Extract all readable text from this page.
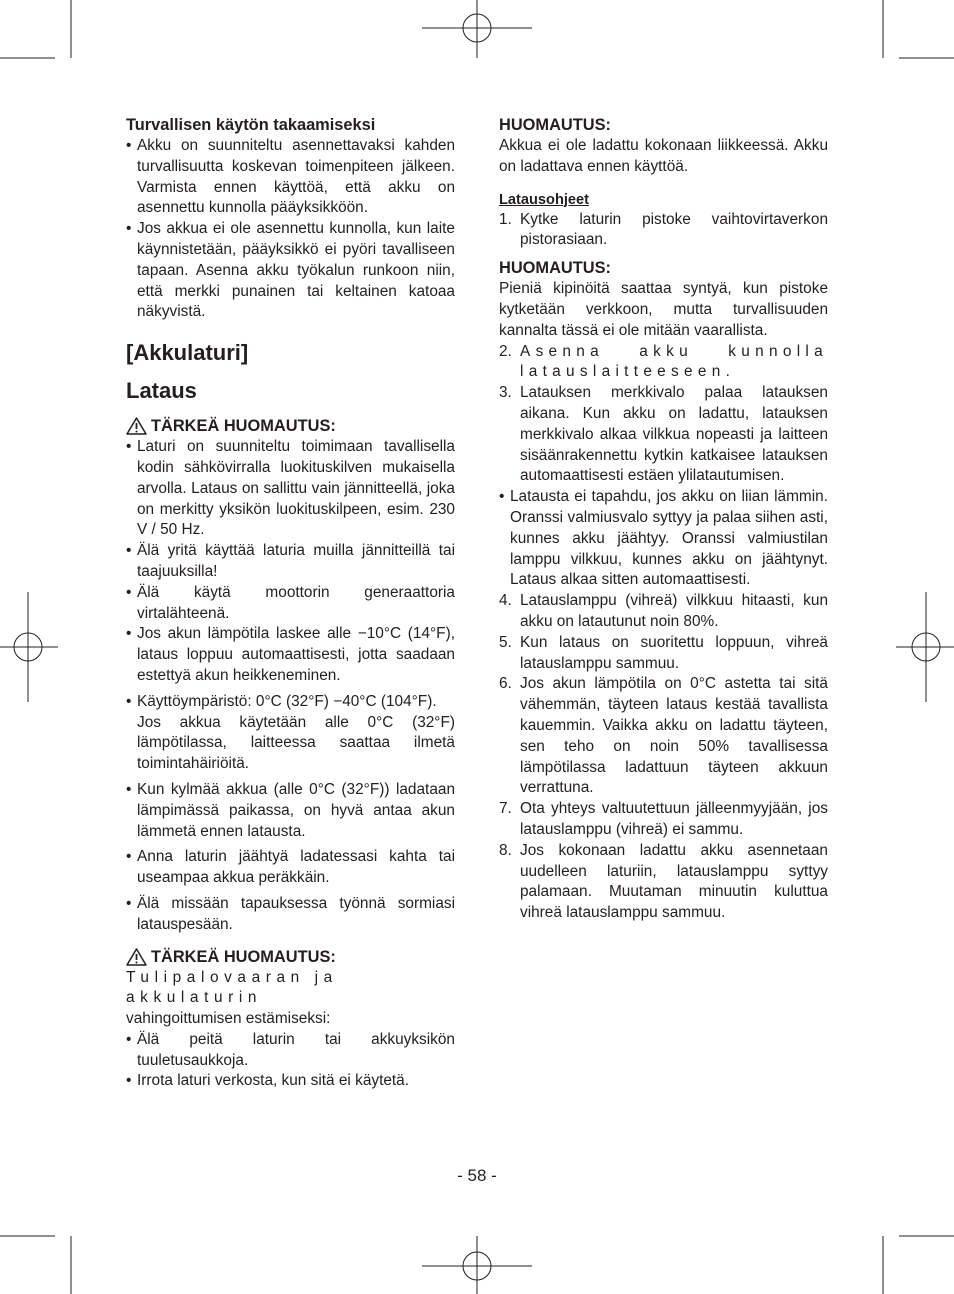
Turvallisen käytön takaamiseksi
• Akku on suunniteltu asennettavaksi kahden turvallisuutta koskevan toimenpiteen jälkeen. Varmista ennen käyttöä, että akku on asennettu kunnolla pääyksikköön.
• Jos akkua ei ole asennettu kunnolla, kun laite käynnistetään, pääyksikkö ei pyöri tavalliseen tapaan. Asenna akku työkalun runkoon niin, että merkki punainen tai keltainen katoaa näkyvistä.
[Akkulaturi]
Lataus
TÄRKEÄ HUOMAUTUS:
• Laturi on suunniteltu toimimaan tavallisella kodin sähkövirralla luokituskilven mukaisella arvolla. Lataus on sallittu vain jännitteellä, joka on merkitty yksikön luokituskilpeen, esim. 230 V / 50 Hz.
• Älä yritä käyttää laturia muilla jännitteillä tai taajuuksilla!
• Älä käytä moottorin generaattoria virtalähteenä.
• Jos akun lämpötila laskee alle −10°C (14°F), lataus loppuu automaattisesti, jotta saadaan estettyä akun heikkeneminen.
• Käyttöympäristö: 0°C (32°F) −40°C (104°F).
Jos akkua käytetään alle 0°C (32°F) lämpötilassa, laitteessa saattaa ilmetä toimintahäiriöitä.
• Kun kylmää akkua (alle 0°C (32°F)) ladataan lämpimässä paikassa, on hyvä antaa akun lämmetä ennen latausta.
• Anna laturin jäähtyä ladatessasi kahta tai useampaa akkua peräkkäin.
• Älä missään tapauksessa työnnä sormiasi latauspesään.
TÄRKEÄ HUOMAUTUS:

Tulipalovaaran ja akkulaturin

vahingoittumisen estämiseksi:

• Älä peitä laturin tai akkuyksikön tuuletusaukkoja.
• Irrota laturi verkosta, kun sitä ei käytetä.
HUOMAUTUS:

Akkua ei ole ladattu kokonaan liikkeessä. Akku on ladattava ennen käyttöä.

Latausohjeet
1. Kytke laturin pistoke vaihtovirtaverkon pistorasiaan.
HUOMAUTUS:

Pieniä kipinöitä saattaa syntyä, kun pistoke kytketään verkkoon, mutta turvallisuuden kannalta tässä ei ole mitään vaarallista.

2. Asenna akku kunnolla latauslaitteeseen.
3. Latauksen merkkivalo palaa latauksen aikana. Kun akku on ladattu, latauksen merkkivalo alkaa vilkkua nopeasti ja laitteen sisäänrakennettu kytkin katkaisee latauksen automaattisesti estäen ylilatautumisen.
• Latausta ei tapahdu, jos akku on liian lämmin. Oranssi valmiusvalo syttyy ja palaa siihen asti, kunnes akku jäähtyy. Oranssi valmiustilan lamppu vilkkuu, kunnes akku on jäähtynyt. Lataus alkaa sitten automaattisesti.
4. Latauslamppu (vihreä) vilkkuu hitaasti, kun akku on latautunut noin 80%.
5. Kun lataus on suoritettu loppuun, vihreä latauslamppu sammuu.
6. Jos akun lämpötila on 0°C astetta tai sitä vähemmän, täyteen lataus kestää tavallista kauemmin. Vaikka akku on ladattu täyteen, sen teho on noin 50% tavallisessa lämpötilassa ladattuun täyteen akkuun verrattuna.
7. Ota yhteys valtuutettuun jälleenmyyjään, jos latauslamppu (vihreä) ei sammu.
8. Jos kokonaan ladattu akku asennetaan uudelleen laturiin, latauslamppu syttyy palamaan. Muutaman minuutin kuluttua vihreä latauslamppu sammuu.
- 58 -
